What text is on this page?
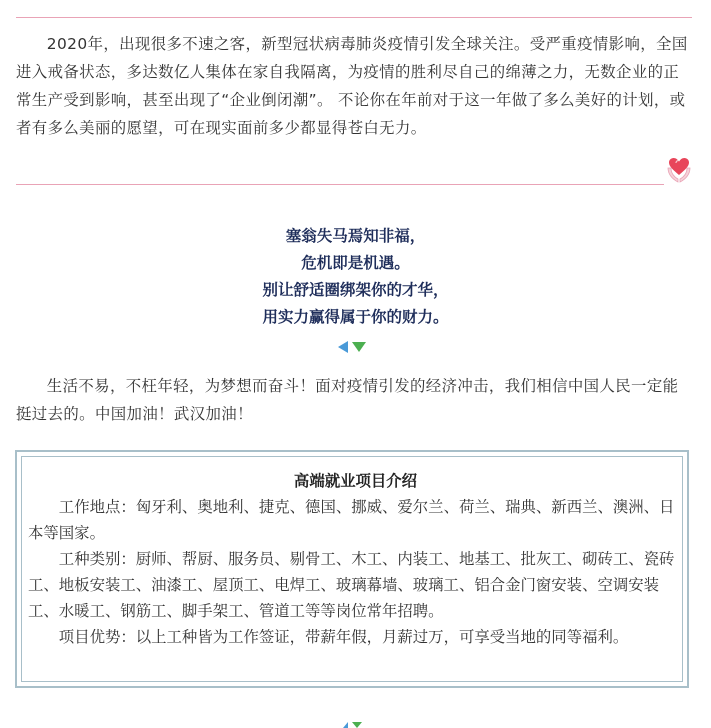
2020年，出现很多不速之客，新型冠状病毒肺炎疫情引发全球关注。受严重疫情影响，全国进入戒备状态，多达数亿人集体在家自我隔离，为疫情的胜利尽自己的绵薄之力，无数企业的正常生产受到影响，甚至出现了“企业倒闭潮”。 不论你在年前对于这一年做了多么美好的计划，或者有多么美丽的愿望，可在现实面前多少都显得苍白无力。

塞翁失马焉知非福，
危机即是机遇。
别让舒适圈绑架你的才华，
用实力赢得属于你的财力。

生活不易，不枉年轻，为梦想而奋斗！面对疫情引发的经济冲击，我们相信中国人民一定能挺过去的。中国加油！武汉加油！

高端就业项目介绍

工作地点：匈牙利、奥地利、捷克、德国、挪威、爱尔兰、荷兰、瑞典、新西兰、澳洲、日本等国家。

工种类别：厨师、帮厨、服务员、剔骨工、木工、内装工、地基工、批灰工、砌砖工、瓷砖工、地板安装工、油漆工、屋顶工、电焊工、玻璃幕墙、玻璃工、铝合金门窗安装、空调安装工、水暖工、钢筋工、脚手架工、管道工等等岗位常年招聘。

项目优势：以上工种皆为工作签证，带薪年假，月薪过万，可享受当地的同等福利。
